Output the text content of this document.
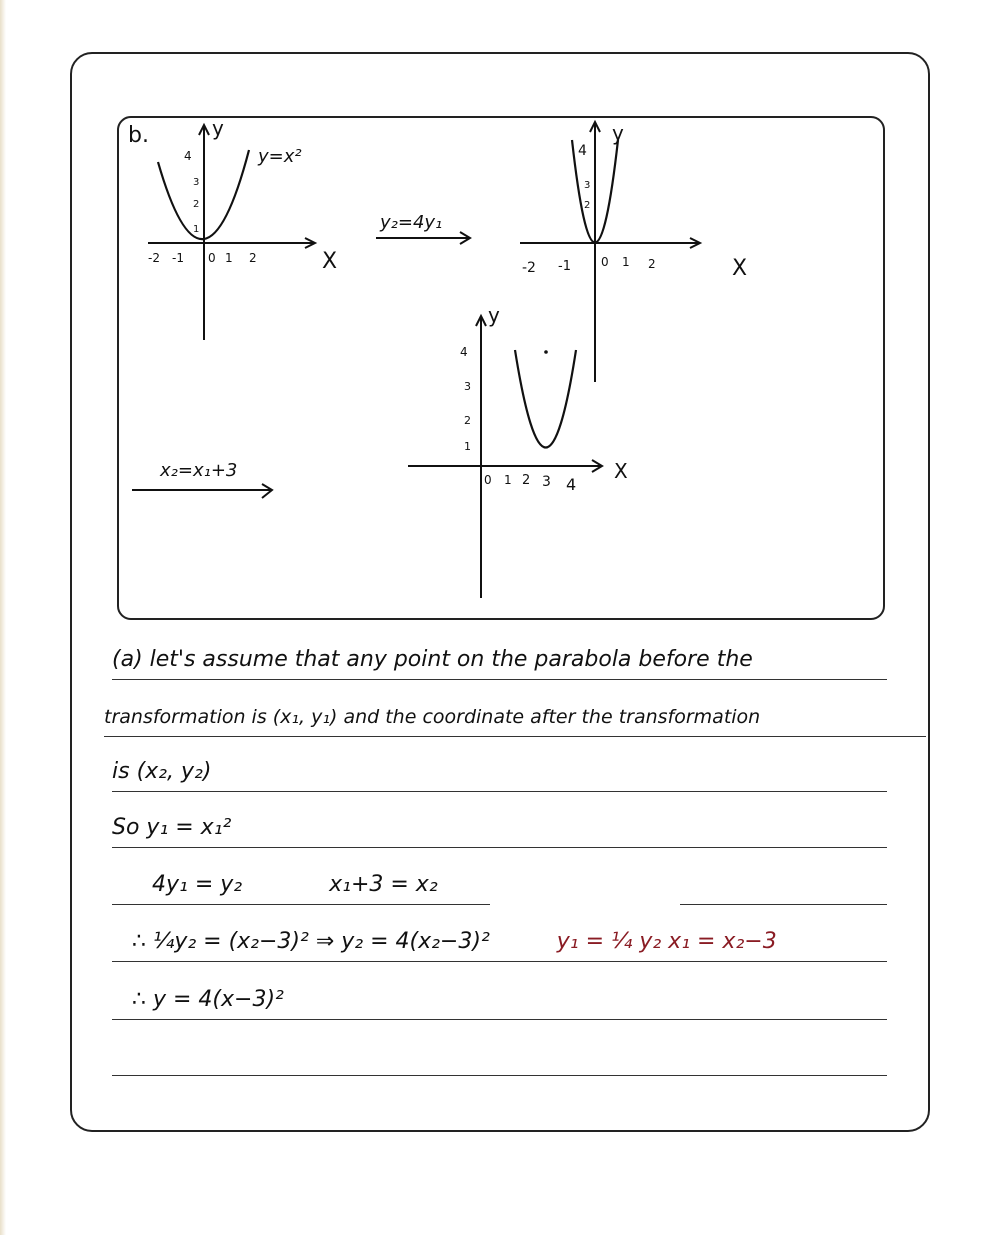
b.
y=x²
y
X
-2 -1 0 1 2
1
2
3
4
y₂=4y₁
y
X
-2 -1	0 1 2
2
3
4
x₂=x₁+3
y
X
0 1 2 3 4
1
2
3
4
(a) let's assume that any point on the parabola before the
transformation is (x₁, y₁) and the coordinate after the transformation
is (x₂, y₂)
So y₁ = x₁²
4y₁ = y₂	x₁+3 = x₂
∴ ¼y₂ = (x₂−3)² ⇒ y₂ = 4(x₂−3)²	y₁ = ¼ y₂ x₁ = x₂−3
∴ y = 4(x−3)²
